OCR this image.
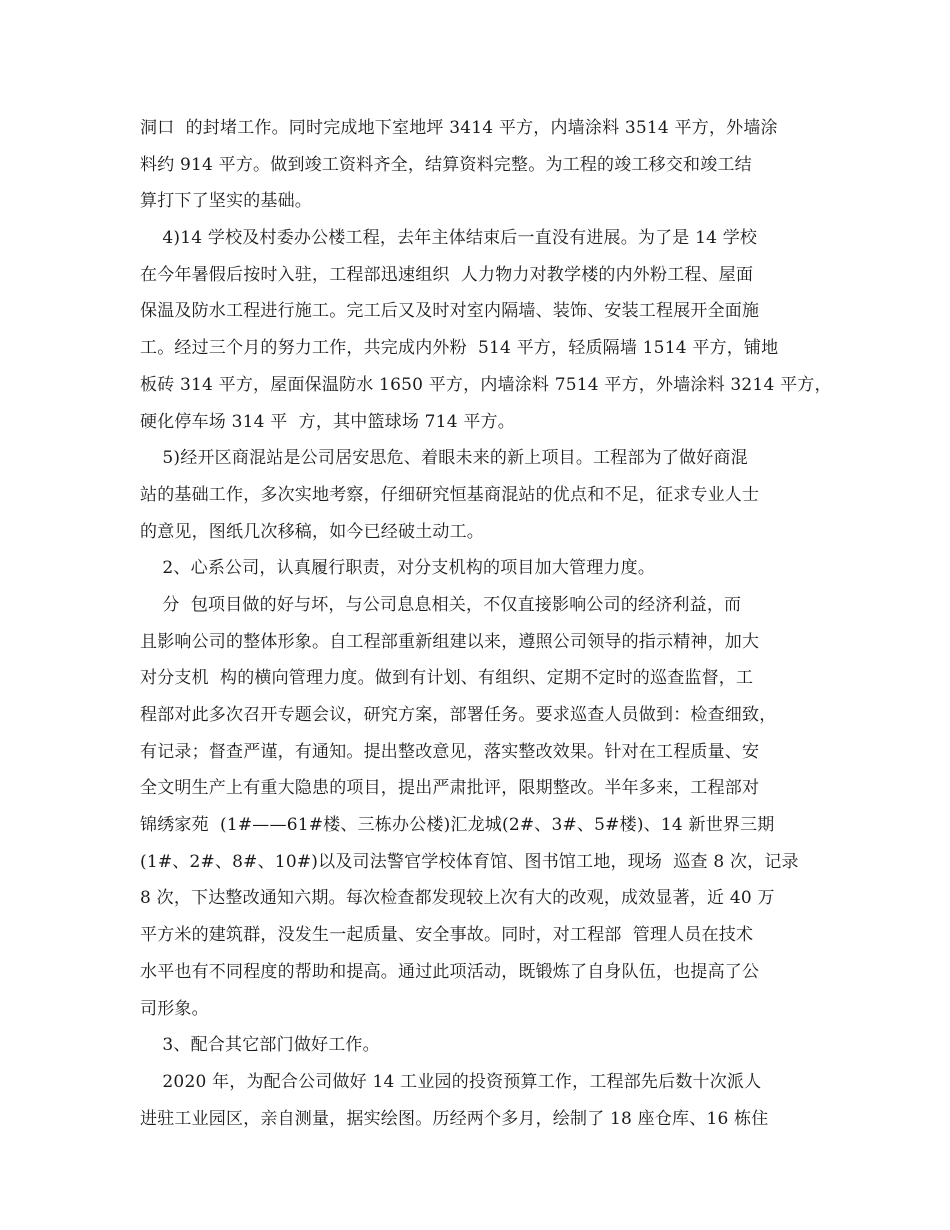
洞口  的封堵工作。同时完成地下室地坪 3414 平方，内墙涂料 3514 平方，外墙涂
料约 914 平方。做到竣工资料齐全，结算资料完整。为工程的竣工移交和竣工结
算打下了坚实的基础。
4)14 学校及村委办公楼工程，去年主体结束后一直没有进展。为了是 14 学校
在今年暑假后按时入驻，工程部迅速组织  人力物力对教学楼的内外粉工程、屋面
保温及防水工程进行施工。完工后又及时对室内隔墙、装饰、安装工程展开全面施
工。经过三个月的努力工作，共完成内外粉  514 平方，轻质隔墙 1514 平方，铺地
板砖 314 平方，屋面保温防水 1650 平方，内墙涂料 7514 平方，外墙涂料 3214 平方，
硬化停车场 314 平  方，其中篮球场 714 平方。
5)经开区商混站是公司居安思危、着眼未来的新上项目。工程部为了做好商混
站的基础工作，多次实地考察，仔细研究恒基商混站的优点和不足，征求专业人士
的意见，图纸几次移稿，如今已经破土动工。
2、心系公司，认真履行职责，对分支机构的项目加大管理力度。
分  包项目做的好与坏，与公司息息相关，不仅直接影响公司的经济利益，而
且影响公司的整体形象。自工程部重新组建以来，遵照公司领导的指示精神，加大
对分支机  构的横向管理力度。做到有计划、有组织、定期不定时的巡查监督，工
程部对此多次召开专题会议，研究方案，部署任务。要求巡查人员做到：检查细致，
有记录；督查严谨，有通知。提出整改意见，落实整改效果。针对在工程质量、安
全文明生产上有重大隐患的项目，提出严肃批评，限期整改。半年多来，工程部对
锦绣家苑  (1#——61#楼、三栋办公楼)汇龙城(2#、3#、5#楼)、14 新世界三期
(1#、2#、8#、10#)以及司法警官学校体育馆、图书馆工地，现场  巡查 8 次，记录
8 次，下达整改通知六期。每次检查都发现较上次有大的改观，成效显著，近 40 万
平方米的建筑群，没发生一起质量、安全事故。同时，对工程部  管理人员在技术
水平也有不同程度的帮助和提高。通过此项活动，既锻炼了自身队伍，也提高了公
司形象。
3、配合其它部门做好工作。
2020 年，为配合公司做好 14 工业园的投资预算工作，工程部先后数十次派人
进驻工业园区，亲自测量，据实绘图。历经两个多月，绘制了 18 座仓库、16 栋住
